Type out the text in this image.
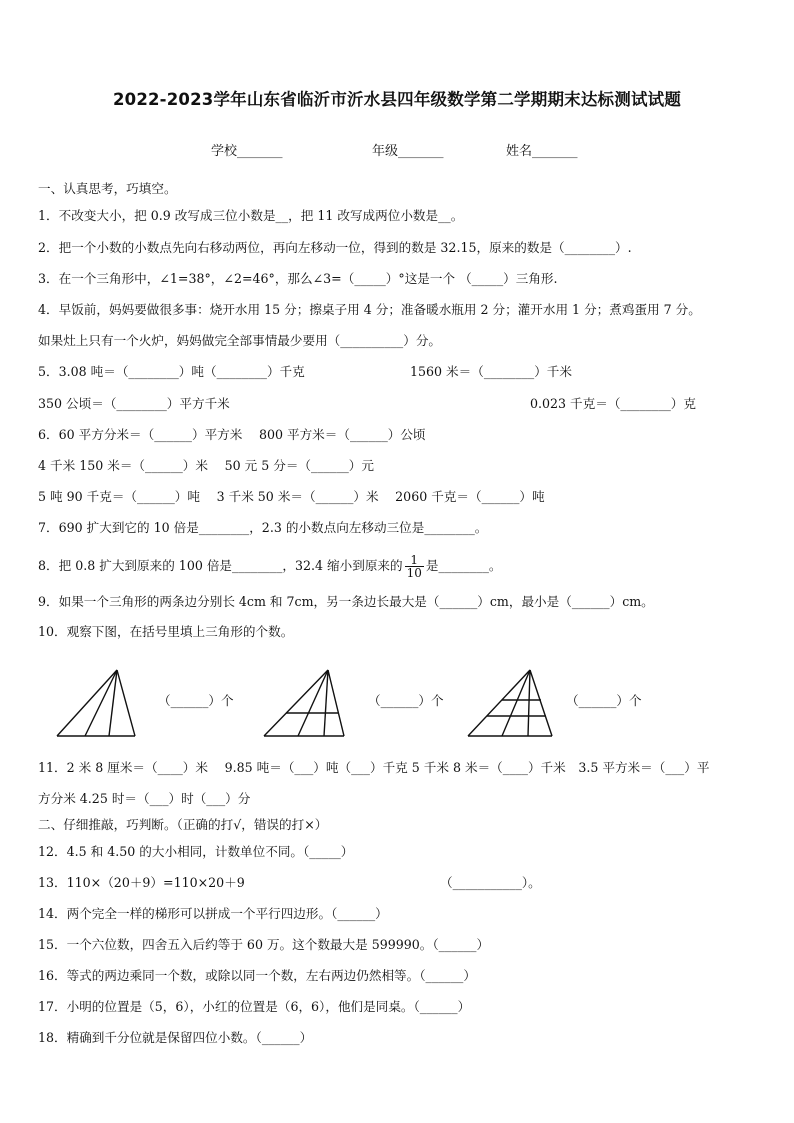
2022-2023学年山东省临沂市沂水县四年级数学第二学期期末达标测试试题
学校_______	年级_______	姓名_______
一、认真思考，巧填空。
1．不改变大小，把 0.9 改写成三位小数是__，把 11 改写成两位小数是__。
2．把一个小数的小数点先向右移动两位，再向左移动一位，得到的数是 32.15，原来的数是（________）.
3．在一个三角形中，∠1=38°，∠2=46°，那么∠3=（_____）°这是一个 （_____）三角形.
4．早饭前，妈妈要做很多事：烧开水用 15 分；擦桌子用 4 分；准备暖水瓶用 2 分；灌开水用 1 分；煮鸡蛋用 7 分。
如果灶上只有一个火炉，妈妈做完全部事情最少要用（__________）分。
5．3.08 吨＝（________）吨（________）千克	1560 米＝（________）千米
350 公顷＝（________）平方千米	0.023 千克＝（________）克
6．60 平方分米＝（______）平方米　 800 平方米＝（______）公顷
4 千米 150 米＝（______）米　 50 元 5 分＝（______）元
5 吨 90 千克＝（______）吨　 3 千米 50 米＝（______）米　 2060 千克＝（______）吨
7．690 扩大到它的 10 倍是________，2.3 的小数点向左移动三位是________。
8．把 0.8 扩大到原来的 100 倍是________，32.4 缩小到原来的 $\frac{1}{10}$ 是________。
9．如果一个三角形的两条边分别长 4cm 和 7cm，另一条边长最大是（______）cm，最小是（______）cm。
10．观察下图，在括号里填上三角形的个数。
（______）个	（______）个	（______）个
11．2 米 8 厘米＝（____）米　 9.85 吨＝（___）吨（___）千克 5 千米 8 米＝（____）千米　3.5 平方米＝（___）平
方分米 4.25 时＝（___）时（___）分
二、仔细推敲，巧判断。（正确的打√，错误的打×）
12．4.5 和 4.50 的大小相同，计数单位不同。（_____）
13．110×（20＋9）=110×20＋9	（___________）。
14．两个完全一样的梯形可以拼成一个平行四边形。（______）
15．一个六位数，四舍五入后约等于 60 万。这个数最大是 599990。（______）
16．等式的两边乘同一个数，或除以同一个数，左右两边仍然相等。（______）
17．小明的位置是（5，6），小红的位置是（6，6），他们是同桌。（______）
18．精确到千分位就是保留四位小数。（______）
